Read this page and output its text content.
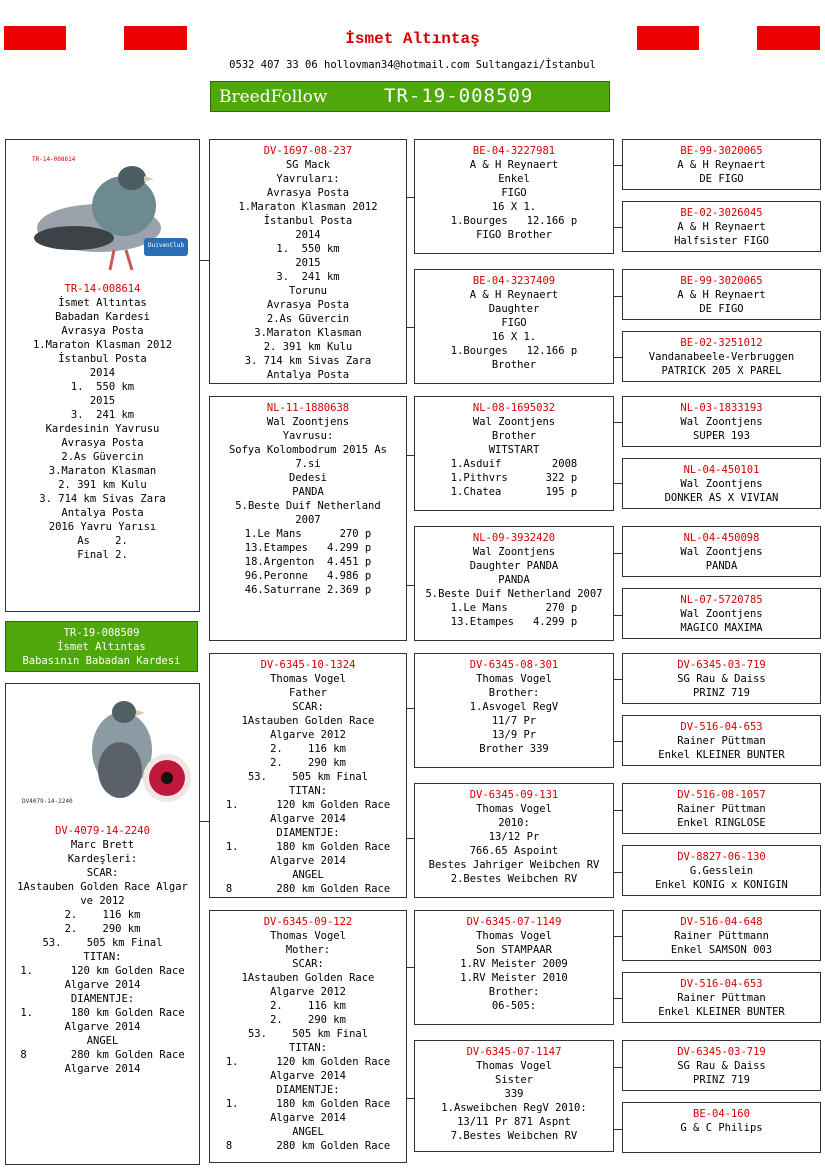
İsmet Altıntaş
0532 407 33 06 hollovman34@hotmail.com Sultangazi/İstanbul
BreedFollow	TR-19-008509
TR-14-008614
DuivenClub
TR-14-008614
İsmet Altıntas
Babadan Kardesi
Avrasya Posta
1.Maraton Klasman 2012
İstanbul Posta
2014
1.  550 km
2015
3.  241 km
Kardesinin Yavrusu
Avrasya Posta
2.As Güvercin
3.Maraton Klasman
2. 391 km Kulu
3. 714 km Sivas Zara
Antalya Posta
2016 Yavru Yarısı
As    2.
Final 2.
TR-19-008509
İsmet Altıntas
Babasının Babadan Kardesi
DV4079-14-2240
DV-4079-14-2240
Marc Brett
Kardeşleri:
SCAR:
1Astauben Golden Race Algar
ve 2012
2.    116 km
2.    290 km
53.    505 km Final
TITAN:
1.      120 km Golden Race
Algarve 2014
DIAMENTJE:
1.      180 km Golden Race
Algarve 2014
ANGEL
8       280 km Golden Race
Algarve 2014
DV-1697-08-237
SG Mack
Yavruları:
Avrasya Posta
1.Maraton Klasman 2012
İstanbul Posta
2014
1.  550 km
2015
3.  241 km
Torunu
Avrasya Posta
2.As Güvercin
3.Maraton Klasman
2. 391 km Kulu
3. 714 km Sivas Zara
Antalya Posta
NL-11-1880638
Wal Zoontjens
Yavrusu:
Sofya Kolombodrum 2015 As
7.si
Dedesi
PANDA
5.Beste Duif Netherland
2007
1.Le Mans      270 p
13.Etampes   4.299 p
18.Argenton  4.451 p
96.Peronne   4.986 p
46.Saturrane 2.369 p
DV-6345-10-1324
Thomas Vogel
Father
SCAR:
1Astauben Golden Race
Algarve 2012
2.    116 km
2.    290 km
53.    505 km Final
TITAN:
1.      120 km Golden Race
Algarve 2014
DIAMENTJE:
1.      180 km Golden Race
Algarve 2014
ANGEL
8       280 km Golden Race
DV-6345-09-122
Thomas Vogel
Mother:
SCAR:
1Astauben Golden Race
Algarve 2012
2.    116 km
2.    290 km
53.    505 km Final
TITAN:
1.      120 km Golden Race
Algarve 2014
DIAMENTJE:
1.      180 km Golden Race
Algarve 2014
ANGEL
8       280 km Golden Race
BE-04-3227981
A & H Reynaert
Enkel
FIGO
16 X 1.
1.Bourges   12.166 p
FIGO Brother
BE-04-3237409
A & H Reynaert
Daughter
FIGO
16 X 1.
1.Bourges   12.166 p
Brother
NL-08-1695032
Wal Zoontjens
Brother
WITSTART
1.Asduif        2008
1.Pithvrs      322 p
1.Chatea       195 p
NL-09-3932420
Wal Zoontjens
Daughter PANDA
PANDA
5.Beste Duif Netherland 2007
1.Le Mans      270 p
13.Etampes   4.299 p
DV-6345-08-301
Thomas Vogel
Brother:
1.Asvogel RegV
11/7 Pr
13/9 Pr
Brother 339
DV-6345-09-131
Thomas Vogel
2010:
13/12 Pr
766.65 Aspoint
Bestes Jahriger Weibchen RV
2.Bestes Weibchen RV
DV-6345-07-1149
Thomas Vogel
Son STAMPAAR
1.RV Meister 2009
1.RV Meister 2010
Brother:
06-505:
DV-6345-07-1147
Thomas Vogel
Sister
339
1.Asweibchen RegV 2010:
13/11 Pr 871 Aspnt
7.Bestes Weibchen RV
BE-99-3020065
A & H Reynaert
DE FIGO
BE-02-3026045
A & H Reynaert
Halfsister FIGO
BE-99-3020065
A & H Reynaert
DE FIGO
BE-02-3251012
Vandanabeele-Verbruggen
PATRICK 205 X PAREL
NL-03-1833193
Wal Zoontjens
SUPER 193
NL-04-450101
Wal Zoontjens
DONKER AS X VIVIAN
NL-04-450098
Wal Zoontjens
PANDA
NL-07-5720785
Wal Zoontjens
MAGICO MAXIMA
DV-6345-03-719
SG Rau & Daiss
PRINZ 719
DV-516-04-653
Rainer Püttman
Enkel KLEINER BUNTER
DV-516-08-1057
Rainer Püttman
Enkel RINGLOSE
DV-8827-06-130
G.Gesslein
Enkel KONIG x KONIGIN
DV-516-04-648
Rainer Püttmann
Enkel SAMSON 003
DV-516-04-653
Rainer Püttman
Enkel KLEINER BUNTER
DV-6345-03-719
SG Rau & Daiss
PRINZ 719
BE-04-160
G & C Philips
